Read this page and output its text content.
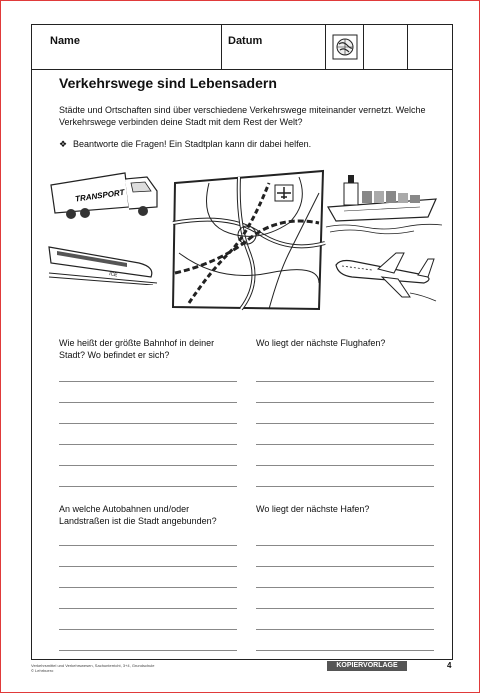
Name	Datum
Verkehrswege sind Lebensadern
Städte und Ortschaften sind über verschiedene Verkehrswege miteinander vernetzt. Welche Verkehrswege verbinden deine Stadt mit dem Rest der Welt?
❖ Beantworte die Fragen! Ein Stadtplan kann dir dabei helfen.
TRANSPORT
ICE
Wie heißt der größte Bahnhof in deiner Stadt? Wo befindet er sich?
Wo liegt der nächste Flughafen?
An welche Autobahnen und/oder Landstraßen ist die Stadt angebunden?
Wo liegt der nächste Hafen?
Verkehrsmittel und Verkehrswesen, Sachunterricht, 3+4, Grundschule
© Lehrbuero
KOPIERVORLAGE	4
